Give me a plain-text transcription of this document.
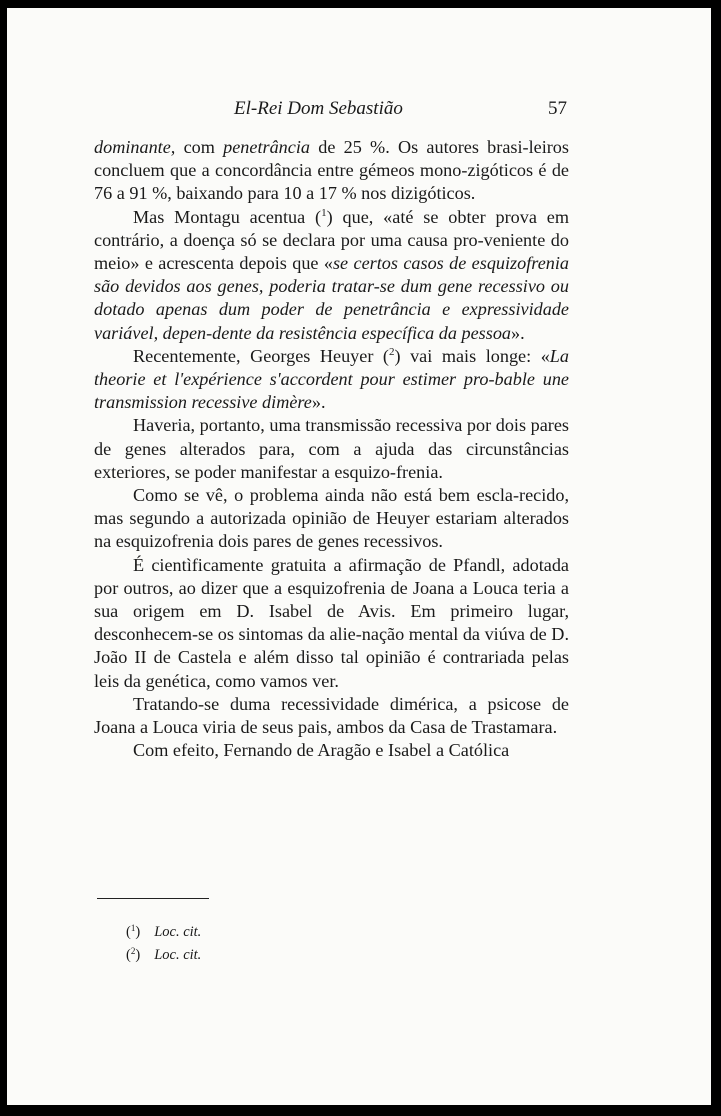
El-Rei Dom Sebastião	57

dominante, com penetrância de 25 %. Os autores brasi-leiros concluem que a concordância entre gémeos mono-zigóticos é de 76 a 91 %, baixando para 10 a 17 % nos dizigóticos.

Mas Montagu acentua ($^1$) que, «até se obter prova em contrário, a doença só se declara por uma causa pro-veniente do meio» e acrescenta depois que «se certos casos de esquizofrenia são devidos aos genes, poderia tratar-se dum gene recessivo ou dotado apenas dum poder de penetrância e expressividade variável, depen-dente da resistência específica da pessoa».

Recentemente, Georges Heuyer ($^2$) vai mais longe: «La theorie et l'expérience s'accordent pour estimer pro-bable une transmission recessive dimère».

Haveria, portanto, uma transmissão recessiva por dois pares de genes alterados para, com a ajuda das circunstâncias exteriores, se poder manifestar a esquizo-frenia.

Como se vê, o problema ainda não está bem escla-recido, mas segundo a autorizada opinião de Heuyer estariam alterados na esquizofrenia dois pares de genes recessivos.

É cientìficamente gratuita a afirmação de Pfandl, adotada por outros, ao dizer que a esquizofrenia de Joana a Louca teria a sua origem em D. Isabel de Avis. Em primeiro lugar, desconhecem-se os sintomas da alie-nação mental da viúva de D. João II de Castela e além disso tal opinião é contrariada pelas leis da genética, como vamos ver.

Tratando-se duma recessividade dimérica, a psicose de Joana a Louca viria de seus pais, ambos da Casa de Trastamara.

Com efeito, Fernando de Aragão e Isabel a Católica

($^1$) Loc. cit.
($^2$) Loc. cit.
